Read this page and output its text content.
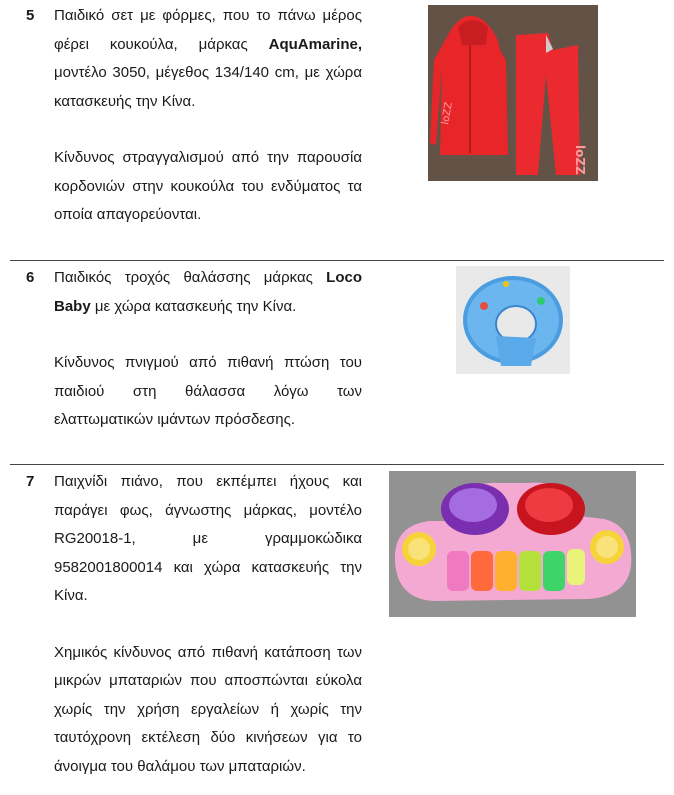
5 Παιδικό σετ με φόρμες, που το πάνω μέρος φέρει κουκούλα, μάρκας AquAmarine, μοντέλο 3050, μέγεθος 134/140 cm, με χώρα κατασκευής την Κίνα.

Κίνδυνος στραγγαλισμού από την παρουσία κορδονιών στην κουκούλα του ενδύματος τα οποία απαγορεύονται.

loZZ
loZZ
6 Παιδικός τροχός θαλάσσης μάρκας Loco Baby με χώρα κατασκευής την Κίνα.

Κίνδυνος πνιγμού από πιθανή πτώση του παιδιού στη θάλασσα λόγω των ελαττωματικών ιμάντων πρόσδεσης.

7 Παιχνίδι πιάνο, που εκπέμπει ήχους και παράγει φως, άγνωστης μάρκας, μοντέλο RG20018-1, με γραμμοκώδικα 9582001800014 και χώρα κατασκευής την Κίνα.

Χημικός κίνδυνος από πιθανή κατάποση των μικρών μπαταριών που αποσπώνται εύκολα χωρίς την χρήση εργαλείων ή χωρίς την ταυτόχρονη εκτέλεση δύο κινήσεων για το άνοιγμα του θαλάμου των μπαταριών.
